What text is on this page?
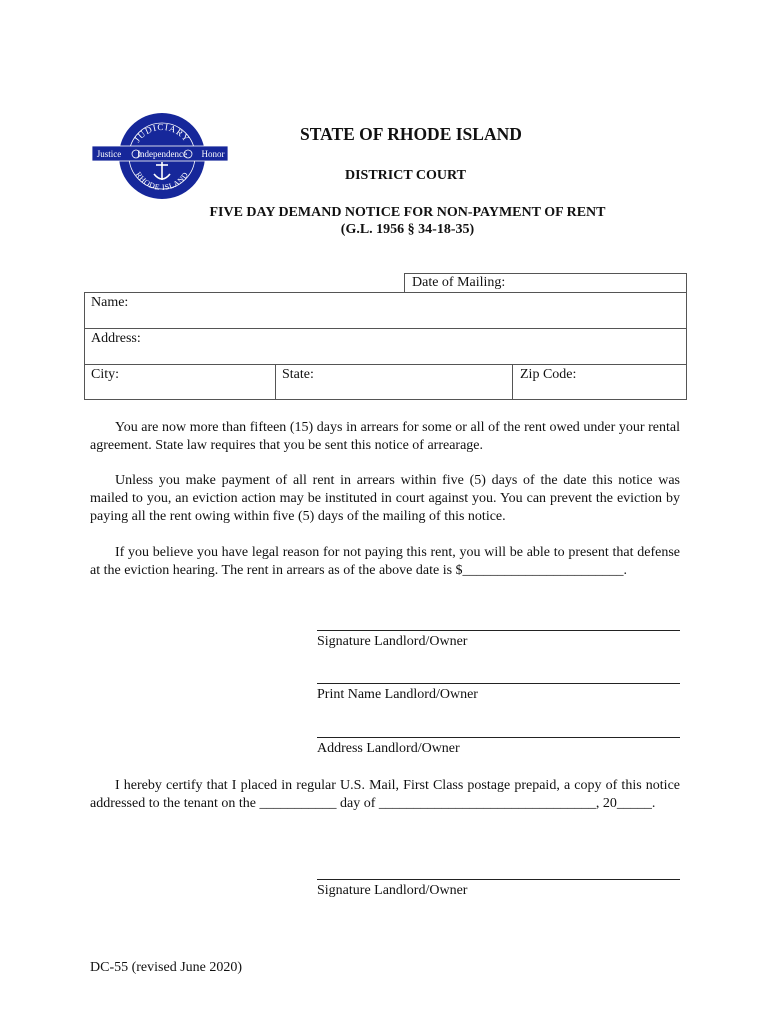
Justice Independence Honor
JUDICIARY
RHODE ISLAND
STATE OF RHODE ISLAND
DISTRICT COURT
FIVE DAY DEMAND NOTICE FOR NON-PAYMENT OF RENT
(G.L. 1956 § 34-18-35)
Date of Mailing:
Name:
Address:
City:	State:	Zip Code:
You are now more than fifteen (15) days in arrears for some or all of the rent owed under your rental agreement. State law requires that you be sent this notice of arrearage.
Unless you make payment of all rent in arrears within five (5) days of the date this notice was mailed to you, an eviction action may be instituted in court against you. You can prevent the eviction by paying all the rent owing within five (5) days of the mailing of this notice.
If you believe you have legal reason for not paying this rent, you will be able to present that defense at the eviction hearing. The rent in arrears as of the above date is $_______________________.
Signature Landlord/Owner
Print Name Landlord/Owner
Address Landlord/Owner
I hereby certify that I placed in regular U.S. Mail, First Class postage prepaid, a copy of this notice addressed to the tenant on the ___________ day of _______________________________, 20_____.
Signature Landlord/Owner
DC-55 (revised June 2020)
